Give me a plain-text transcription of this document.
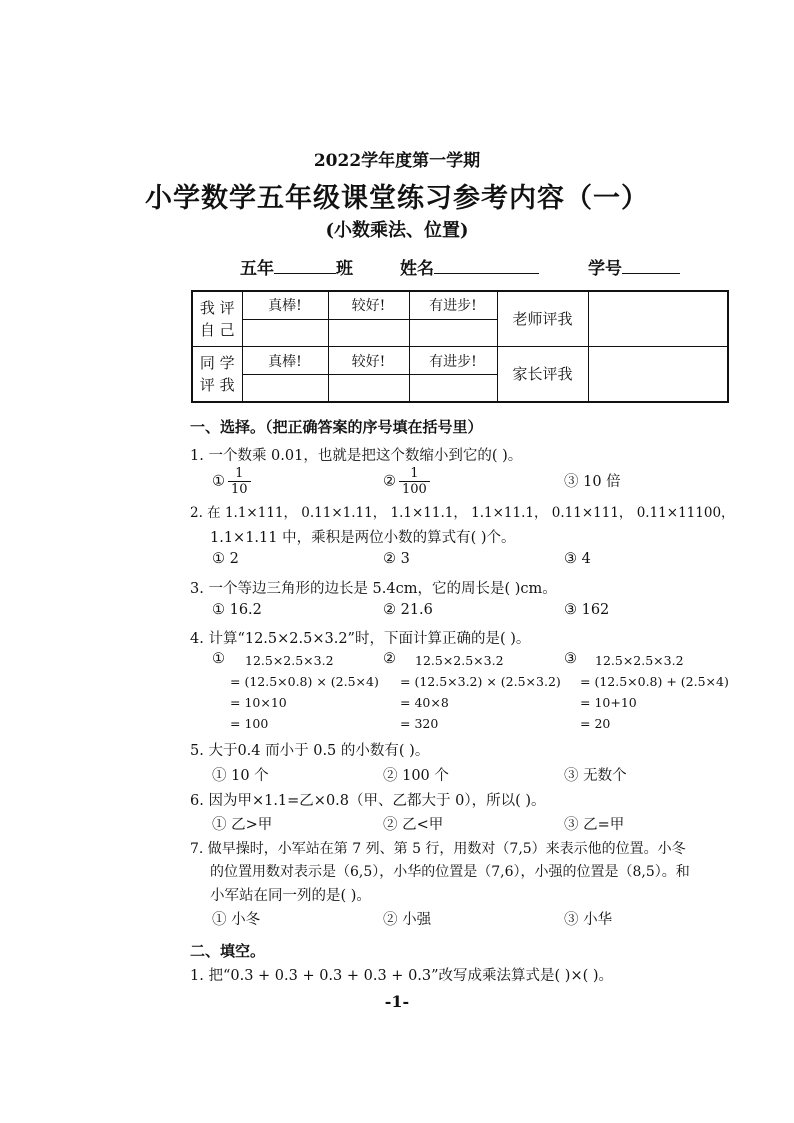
2022学年度第一学期
小学数学五年级课堂练习参考内容（一）
(小数乘法、位置)
五年	班	姓名	学号
我 评
自 己	真棒!	较好!	有进步!	老师评我	

同 学
评 我	真棒!	较好!	有进步!	家长评我	

一、选择。（把正确答案的序号填在括号里）
1. 一个数乘 0.01，也就是把这个数缩小到它的( )。
① $\frac{1}{10}$	② $\frac{1}{100}$	③ 10 倍
2. 在 1.1×111， 0.11×1.11， 1.1×11.1， 1.1×11.1， 0.11×111， 0.11×11100，
1.1×1.11 中，乘积是两位小数的算式有( )个。
① 2	② 3	③ 4
3. 一个等边三角形的边长是 5.4cm，它的周长是( )cm。
① 16.2	② 21.6	③ 162
4. 计算“12.5×2.5×3.2”时，下面计算正确的是( )。
①	12.5×2.5×3.2
= (12.5×0.8) × (2.5×4)
= 10×10
= 100
②	12.5×2.5×3.2
= (12.5×3.2) × (2.5×3.2)
= 40×8
= 320
③	12.5×2.5×3.2
= (12.5×0.8) + (2.5×4)
= 10+10
= 20
5. 大于0.4 而小于 0.5 的小数有( )。
① 10 个	② 100 个	③ 无数个
6. 因为甲×1.1=乙×0.8（甲、乙都大于 0），所以( )。
① 乙>甲	② 乙<甲	③ 乙=甲
7. 做早操时，小军站在第 7 列、第 5 行，用数对（7,5）来表示他的位置。小冬
的位置用数对表示是（6,5），小华的位置是（7,6），小强的位置是（8,5）。和
小军站在同一列的是( )。
① 小冬	② 小强	③ 小华
二、填空。
1. 把“0.3 + 0.3 + 0.3 + 0.3 + 0.3”改写成乘法算式是( )×( )。
-1-
